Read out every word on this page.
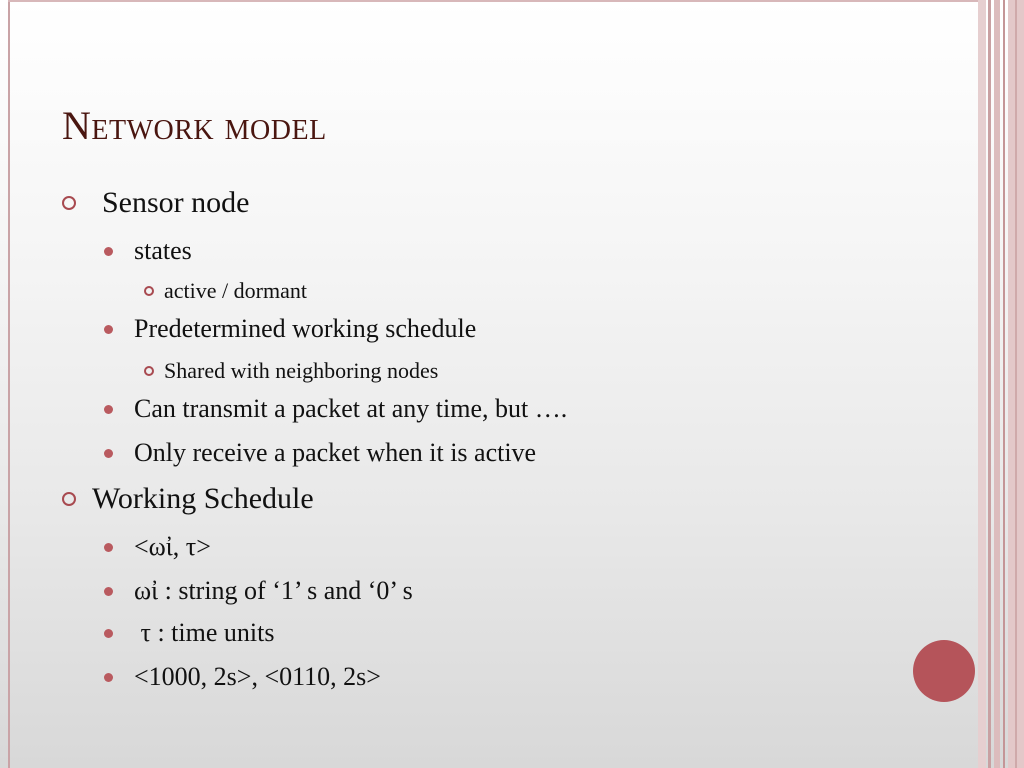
Network model
Sensor node
states
active / dormant
Predetermined working schedule
Shared with neighboring nodes
Can transmit a packet at any time, but ….
Only receive a packet when it is active
Working Schedule
<ωἰ, τ>
ωἰ : string of ‘1’ s and ‘0’ s
τ : time units
<1000, 2s>, <0110, 2s>
